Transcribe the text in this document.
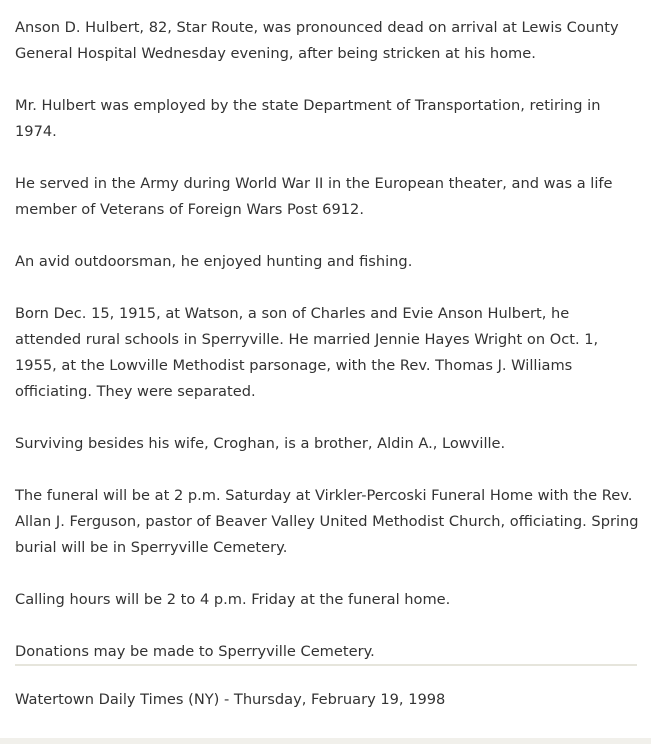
Anson D. Hulbert, 82, Star Route, was pronounced dead on arrival at Lewis County General Hospital Wednesday evening, after being stricken at his home.

Mr. Hulbert was employed by the state Department of Transportation, retiring in 1974.

He served in the Army during World War II in the European theater, and was a life member of Veterans of Foreign Wars Post 6912.

An avid outdoorsman, he enjoyed hunting and fishing.

Born Dec. 15, 1915, at Watson, a son of Charles and Evie Anson Hulbert, he attended rural schools in Sperryville. He married Jennie Hayes Wright on Oct. 1, 1955, at the Lowville Methodist parsonage, with the Rev. Thomas J. Williams officiating. They were separated.

Surviving besides his wife, Croghan, is a brother, Aldin A., Lowville.

The funeral will be at 2 p.m. Saturday at Virkler-Percoski Funeral Home with the Rev. Allan J. Ferguson, pastor of Beaver Valley United Methodist Church, officiating. Spring burial will be in Sperryville Cemetery.

Calling hours will be 2 to 4 p.m. Friday at the funeral home.

Donations may be made to Sperryville Cemetery.

Watertown Daily Times (NY) - Thursday, February 19, 1998
